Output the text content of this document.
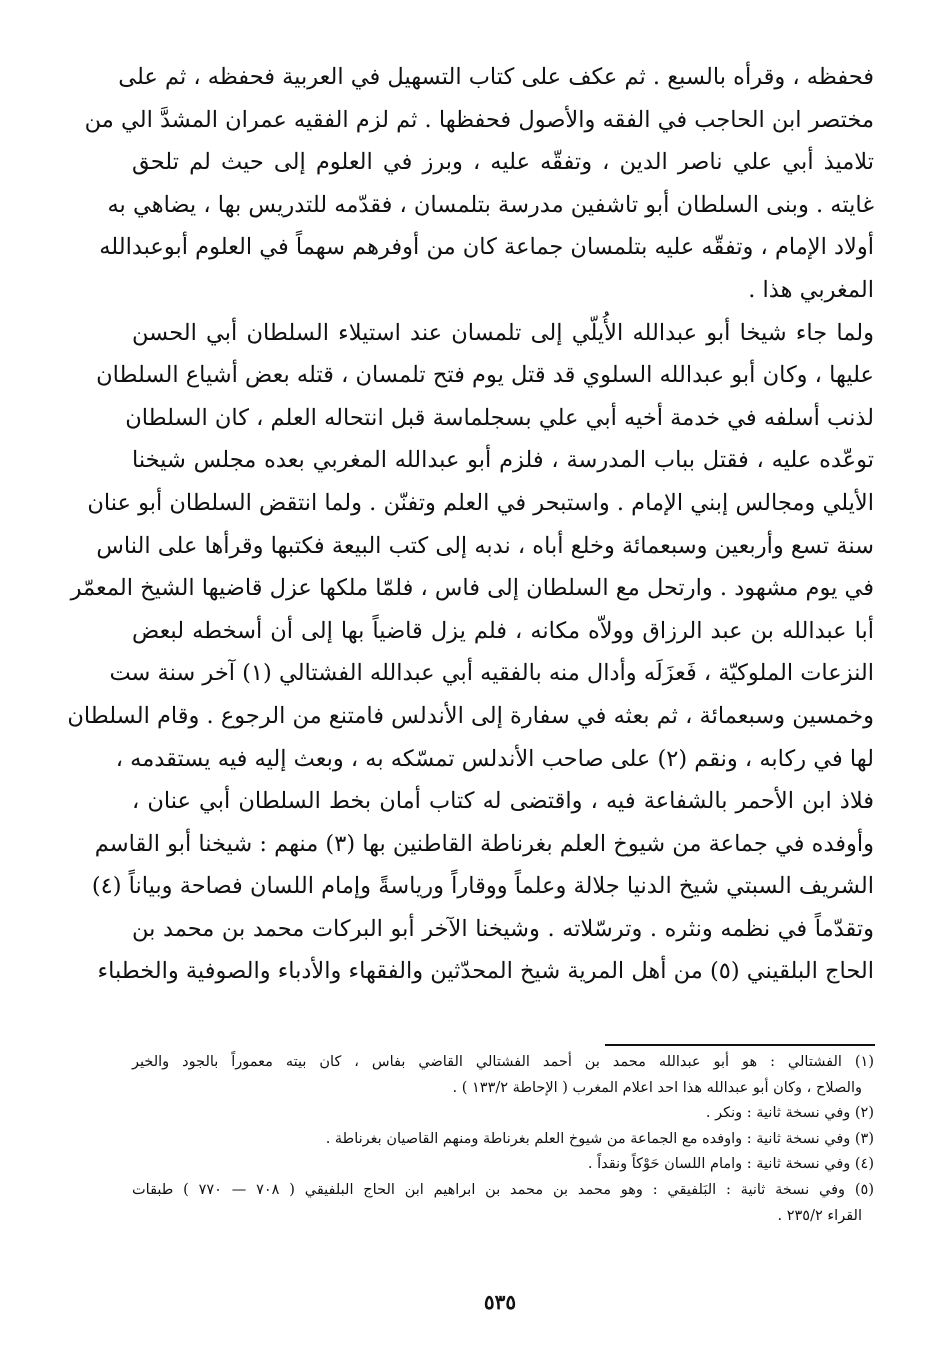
فحفظه ، وقرأه بالسبع . ثم عكف على كتاب التسهيل في العربية فحفظه ، ثم على
مختصر ابن الحاجب في الفقه والأصول فحفظها . ثم لزم الفقيه عمران المشدَّ الي من
تلاميذ أبي علي ناصر الدين ، وتفقّه عليه ، وبرز في العلوم إلى حيث لم تلحق
غايته . وبنى السلطان أبو تاشفين مدرسة بتلمسان ، فقدّمه للتدريس بها ، يضاهي به
أولاد الإمام ، وتفقّه عليه بتلمسان جماعة كان من أوفرهم سهماً في العلوم أبوعبدالله
المغربي هذا .
ولما جاء شيخا أبو عبدالله الأُيلّي إلى تلمسان عند استيلاء السلطان أبي الحسن
عليها ، وكان أبو عبدالله السلوي قد قتل يوم فتح تلمسان ، قتله بعض أشياع السلطان
لذنب أسلفه في خدمة أخيه أبي علي بسجلماسة قبل انتحاله العلم ، كان السلطان
توعّده عليه ، فقتل بباب المدرسة ، فلزم أبو عبدالله المغربي بعده مجلس شيخنا
الأيلي ومجالس إبني الإمام . واستبحر في العلم وتفنّن . ولما انتقض السلطان أبو عنان
سنة تسع وأربعين وسبعمائة وخلع أباه ، ندبه إلى كتب البيعة فكتبها وقرأها على الناس
في يوم مشهود . وارتحل مع السلطان إلى فاس ، فلمّا ملكها عزل قاضيها الشيخ المعمّر
أبا عبدالله بن عبد الرزاق وولاّه مكانه ، فلم يزل قاضياً بها إلى أن أسخطه لبعض
النزعات الملوكيّة ، فَعزَلَه وأدال منه بالفقيه أبي عبدالله الفشتالي (١) آخر سنة ست
وخمسين وسبعمائة ، ثم بعثه في سفارة إلى الأندلس فامتنع من الرجوع . وقام السلطان
لها في ركابه ، ونقم (٢) على صاحب الأندلس تمسّكه به ، وبعث إليه فيه يستقدمه ،
فلاذ ابن الأحمر بالشفاعة فيه ، واقتضى له كتاب أمان بخط السلطان أبي عنان ،
وأوفده في جماعة من شيوخ العلم بغرناطة القاطنين بها (٣) منهم : شيخنا أبو القاسم
الشريف السبتي شيخ الدنيا جلالة وعلماً ووقاراً ورياسةً وإمام اللسان فصاحة وبياناً (٤)
وتقدّماً في نظمه ونثره . وترسّلاته . وشيخنا الآخر أبو البركات محمد بن محمد بن
الحاج البلقيني (٥) من أهل المرية شيخ المحدّثين والفقهاء والأدباء والصوفية والخطباء
(١) الفشتالي : هو أبو عبدالله محمد بن أحمد الفشتالي القاضي بفاس ، كان بيته معموراً بالجود والخير
والصلاح ، وكان أبو عبدالله هذا احد اعلام المغرب ( الإحاطة ١٣٣/٢ ) .
(٢) وفي نسخة ثانية : ونكر .
(٣) وفي نسخة ثانية : واوفده مع الجماعة من شيوخ العلم بغرناطة ومنهم القاصيان بغرناطة .
(٤) وفي نسخة ثانية : وامام اللسان حَوْكاً ونقداً .
(٥) وفي نسخة ثانية : البَلفيقي : وهو محمد بن محمد بن ابراهيم ابن الحاج البلفيقي ( ٧٠٨ — ٧٧٠ ) طبقات
القراء ٢٣٥/٢ .
٥٣٥
